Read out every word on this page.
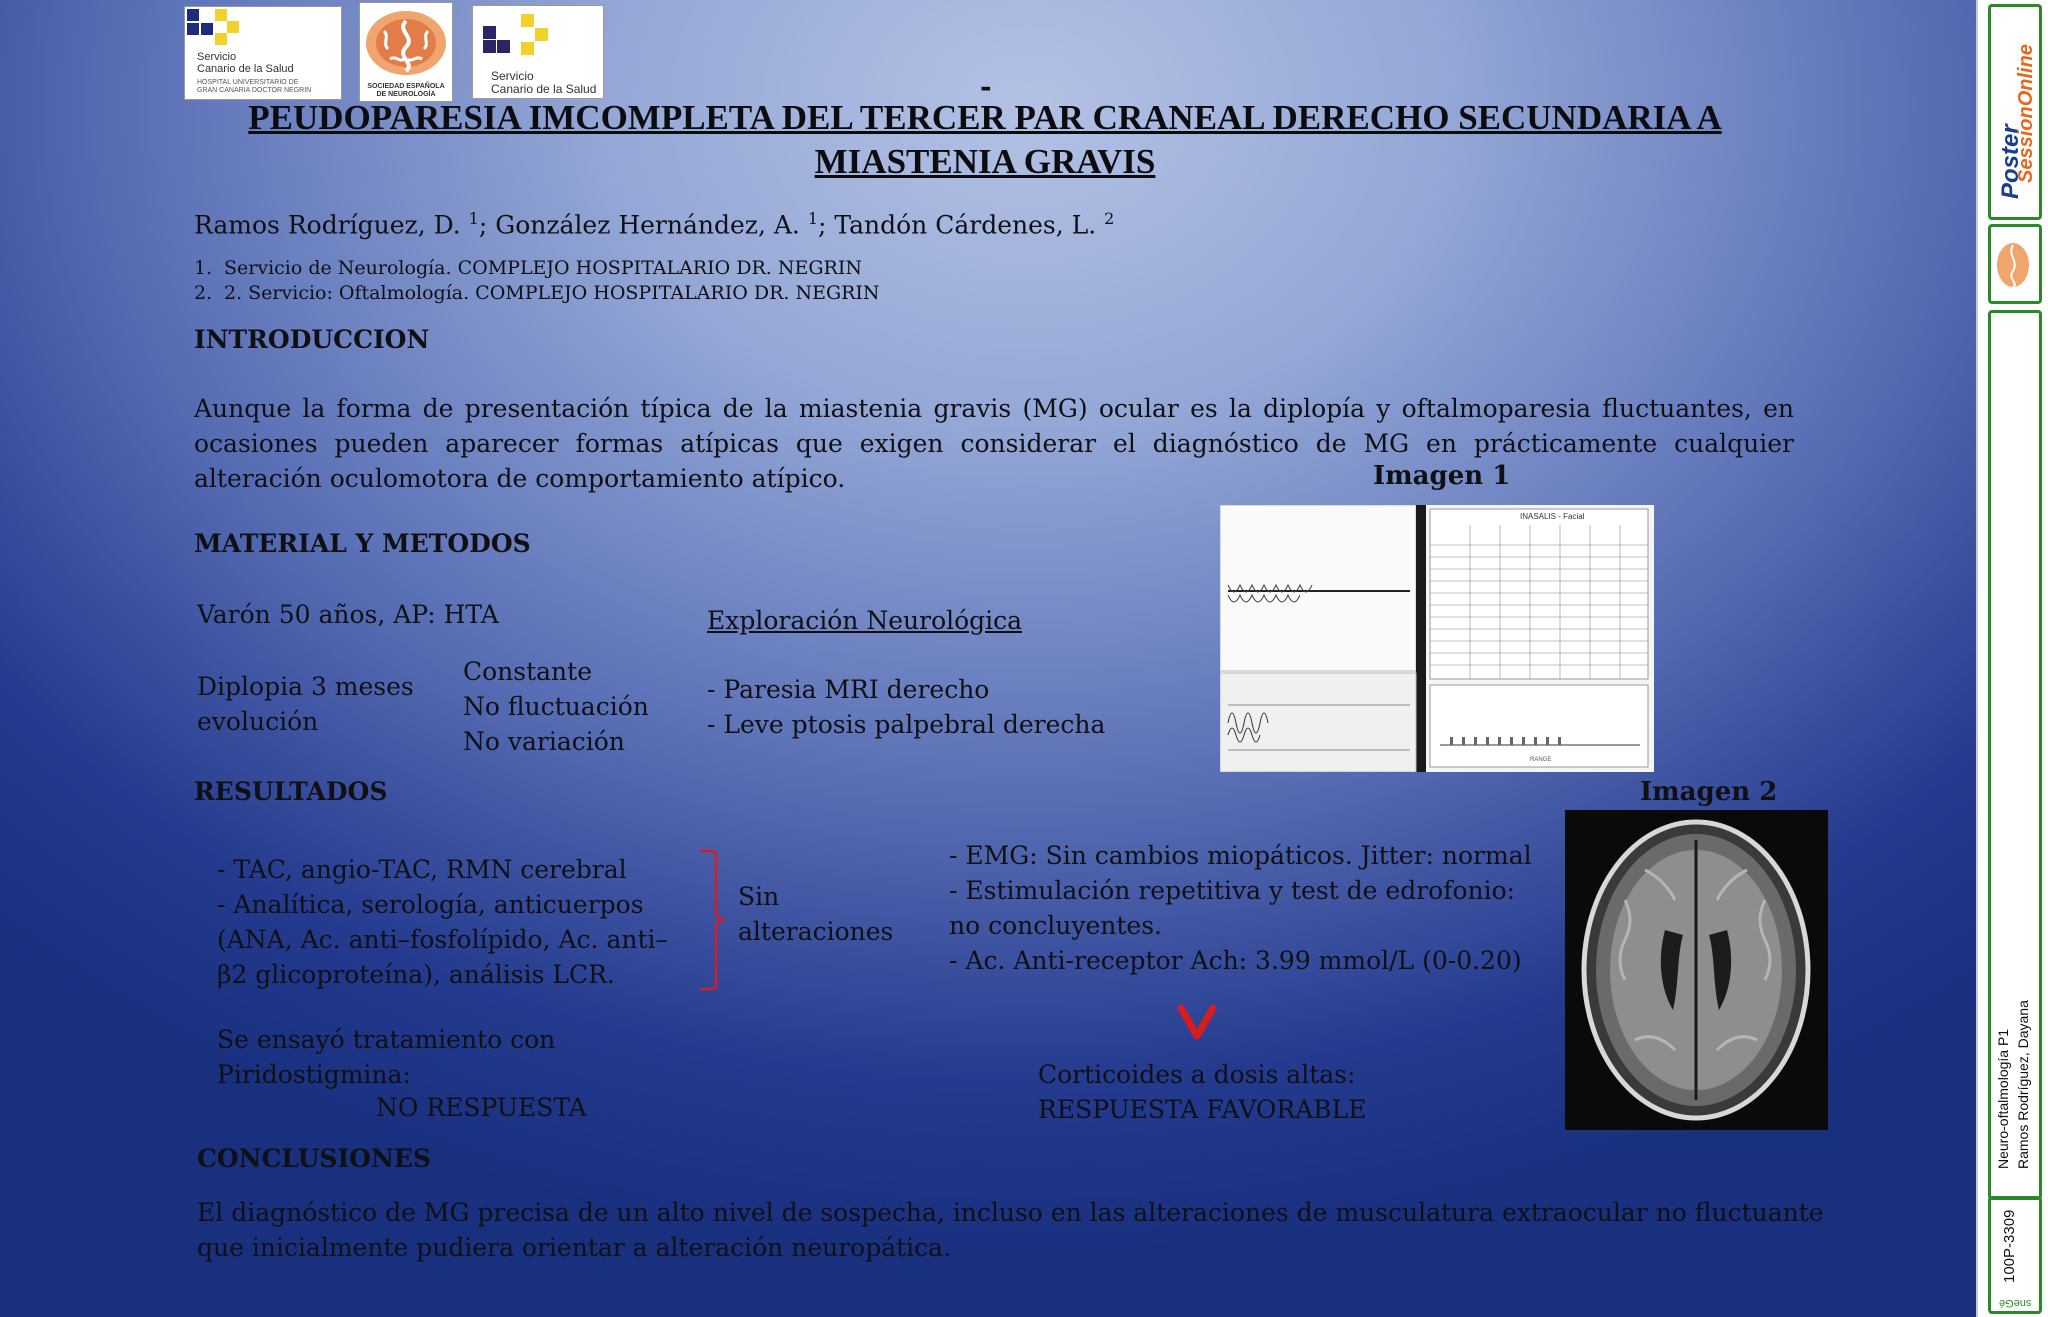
Servicio
Canario de la Salud
HOSPITAL UNIVERSITARIO DE
GRAN CANARIA DOCTOR NEGRIN
SOCIEDAD ESPAÑOLA
DE NEUROLOGÍA
Servicio
Canario de la Salud	-
PEUDOPARESIA IMCOMPLETA DEL TERCER PAR CRANEAL DERECHO SECUNDARIA A MIASTENIA GRAVIS
Ramos Rodríguez, D. $^1$; González Hernández, A. $^1$; Tandón Cárdenes, L. $^2$
1. Servicio de Neurología. COMPLEJO HOSPITALARIO DR. NEGRIN
2. 2. Servicio: Oftalmología. COMPLEJO HOSPITALARIO DR. NEGRIN
INTRODUCCION
Aunque la forma de presentación típica de la miastenia gravis (MG) ocular es la diplopía y oftalmoparesia fluctuantes, en ocasiones pueden aparecer formas atípicas que exigen considerar el diagnóstico de MG en prácticamente cualquier alteración oculomotora de comportamiento atípico.	Imagen 1
INASALIS - Facial
RANGE
MATERIAL Y METODOS
Varón 50 años, AP: HTA
Diplopia 3 meses
evolución
Constante
No fluctuación
No variación
Exploración Neurológica
- Paresia MRI derecho
- Leve ptosis palpebral derecha
RESULTADOS	Imagen 2
- TAC, angio-TAC, RMN cerebral
- Analítica, serología, anticuerpos
(ANA, Ac. anti–fosfolípido, Ac. anti–
β2 glicoproteína), análisis LCR.
Sin
alteraciones
- EMG: Sin cambios miopáticos. Jitter: normal
- Estimulación repetitiva y test de edrofonio:
no concluyentes.
- Ac. Anti-receptor Ach: 3.99 mmol/L (0-0.20)
Se ensayó tratamiento con
Piridostigmina:
NO RESPUESTA
Corticoides a dosis altas:
RESPUESTA FAVORABLE
CONCLUSIONES
El diagnóstico de MG precisa de un alto nivel de sospecha, incluso en las alteraciones de musculatura extraocular no fluctuante
que inicialmente pudiera orientar a alteración neuropática.
Poster
SessionOnline
Neuro-oftalmología P1 Ramos Rodríguez, Dayana
100P-3309
sneGé
